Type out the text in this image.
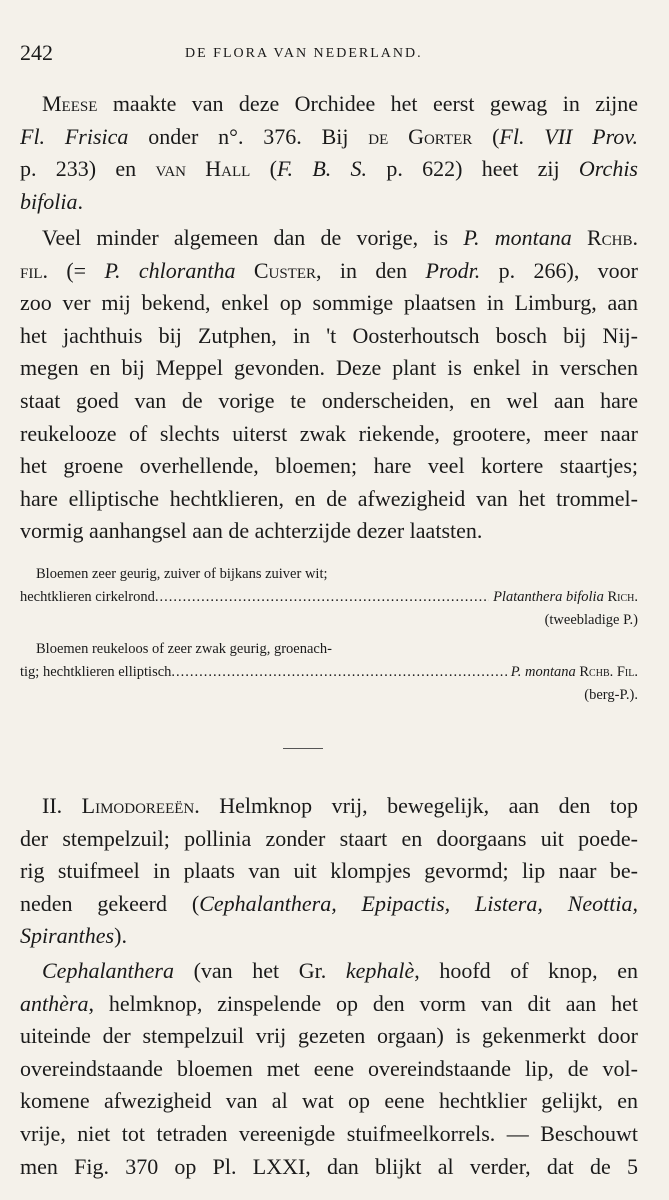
242	DE FLORA VAN NEDERLAND.
Meese maakte van deze Orchidee het eerst gewag in zijne
Fl. Frisica onder n°. 376. Bij de Gorter (Fl. VII Prov.
p. 233) en van Hall (F. B. S. p. 622) heet zij Orchis
bifolia.
Veel minder algemeen dan de vorige, is P. montana Rchb.
fil. (= P. chlorantha Custer, in den Prodr. p. 266), voor
zoo ver mij bekend, enkel op sommige plaatsen in Limburg, aan
het jachthuis bij Zutphen, in 't Oosterhoutsch bosch bij Nij-
megen en bij Meppel gevonden. Deze plant is enkel in verschen
staat goed van de vorige te onderscheiden, en wel aan hare
reukelooze of slechts uiterst zwak riekende, grootere, meer naar
het groene overhellende, bloemen; hare veel kortere staartjes;
hare elliptische hechtklieren, en de afwezigheid van het trommel-
vormig aanhangsel aan de achterzijde dezer laatsten.
Bloemen zeer geurig, zuiver of bijkans zuiver wit;
hechtklieren cirkelrond .....	Platanthera bifolia Rich.
(tweebladige P.)
Bloemen reukeloos of zeer zwak geurig, groenach-
tig; hechtklieren elliptisch .....	P. montana Rchb. Fil.
(berg-P.).
II. Limodoreeën. Helmknop vrij, bewegelijk, aan den top
der stempelzuil; pollinia zonder staart en doorgaans uit poede-
rig stuifmeel in plaats van uit klompjes gevormd; lip naar be-
neden gekeerd (Cephalanthera, Epipactis, Listera, Neottia,
Spiranthes).
Cephalanthera (van het Gr. kephalè, hoofd of knop, en
anthèra, helmknop, zinspelende op den vorm van dit aan het
uiteinde der stempelzuil vrij gezeten orgaan) is gekenmerkt door
overeindstaande bloemen met eene overeindstaande lip, de vol-
komene afwezigheid van al wat op eene hechtklier gelijkt, en
vrije, niet tot tetraden vereenigde stuifmeelkorrels. — Beschouwt
men Fig. 370 op Pl. LXXI, dan blijkt al verder, dat de 5
